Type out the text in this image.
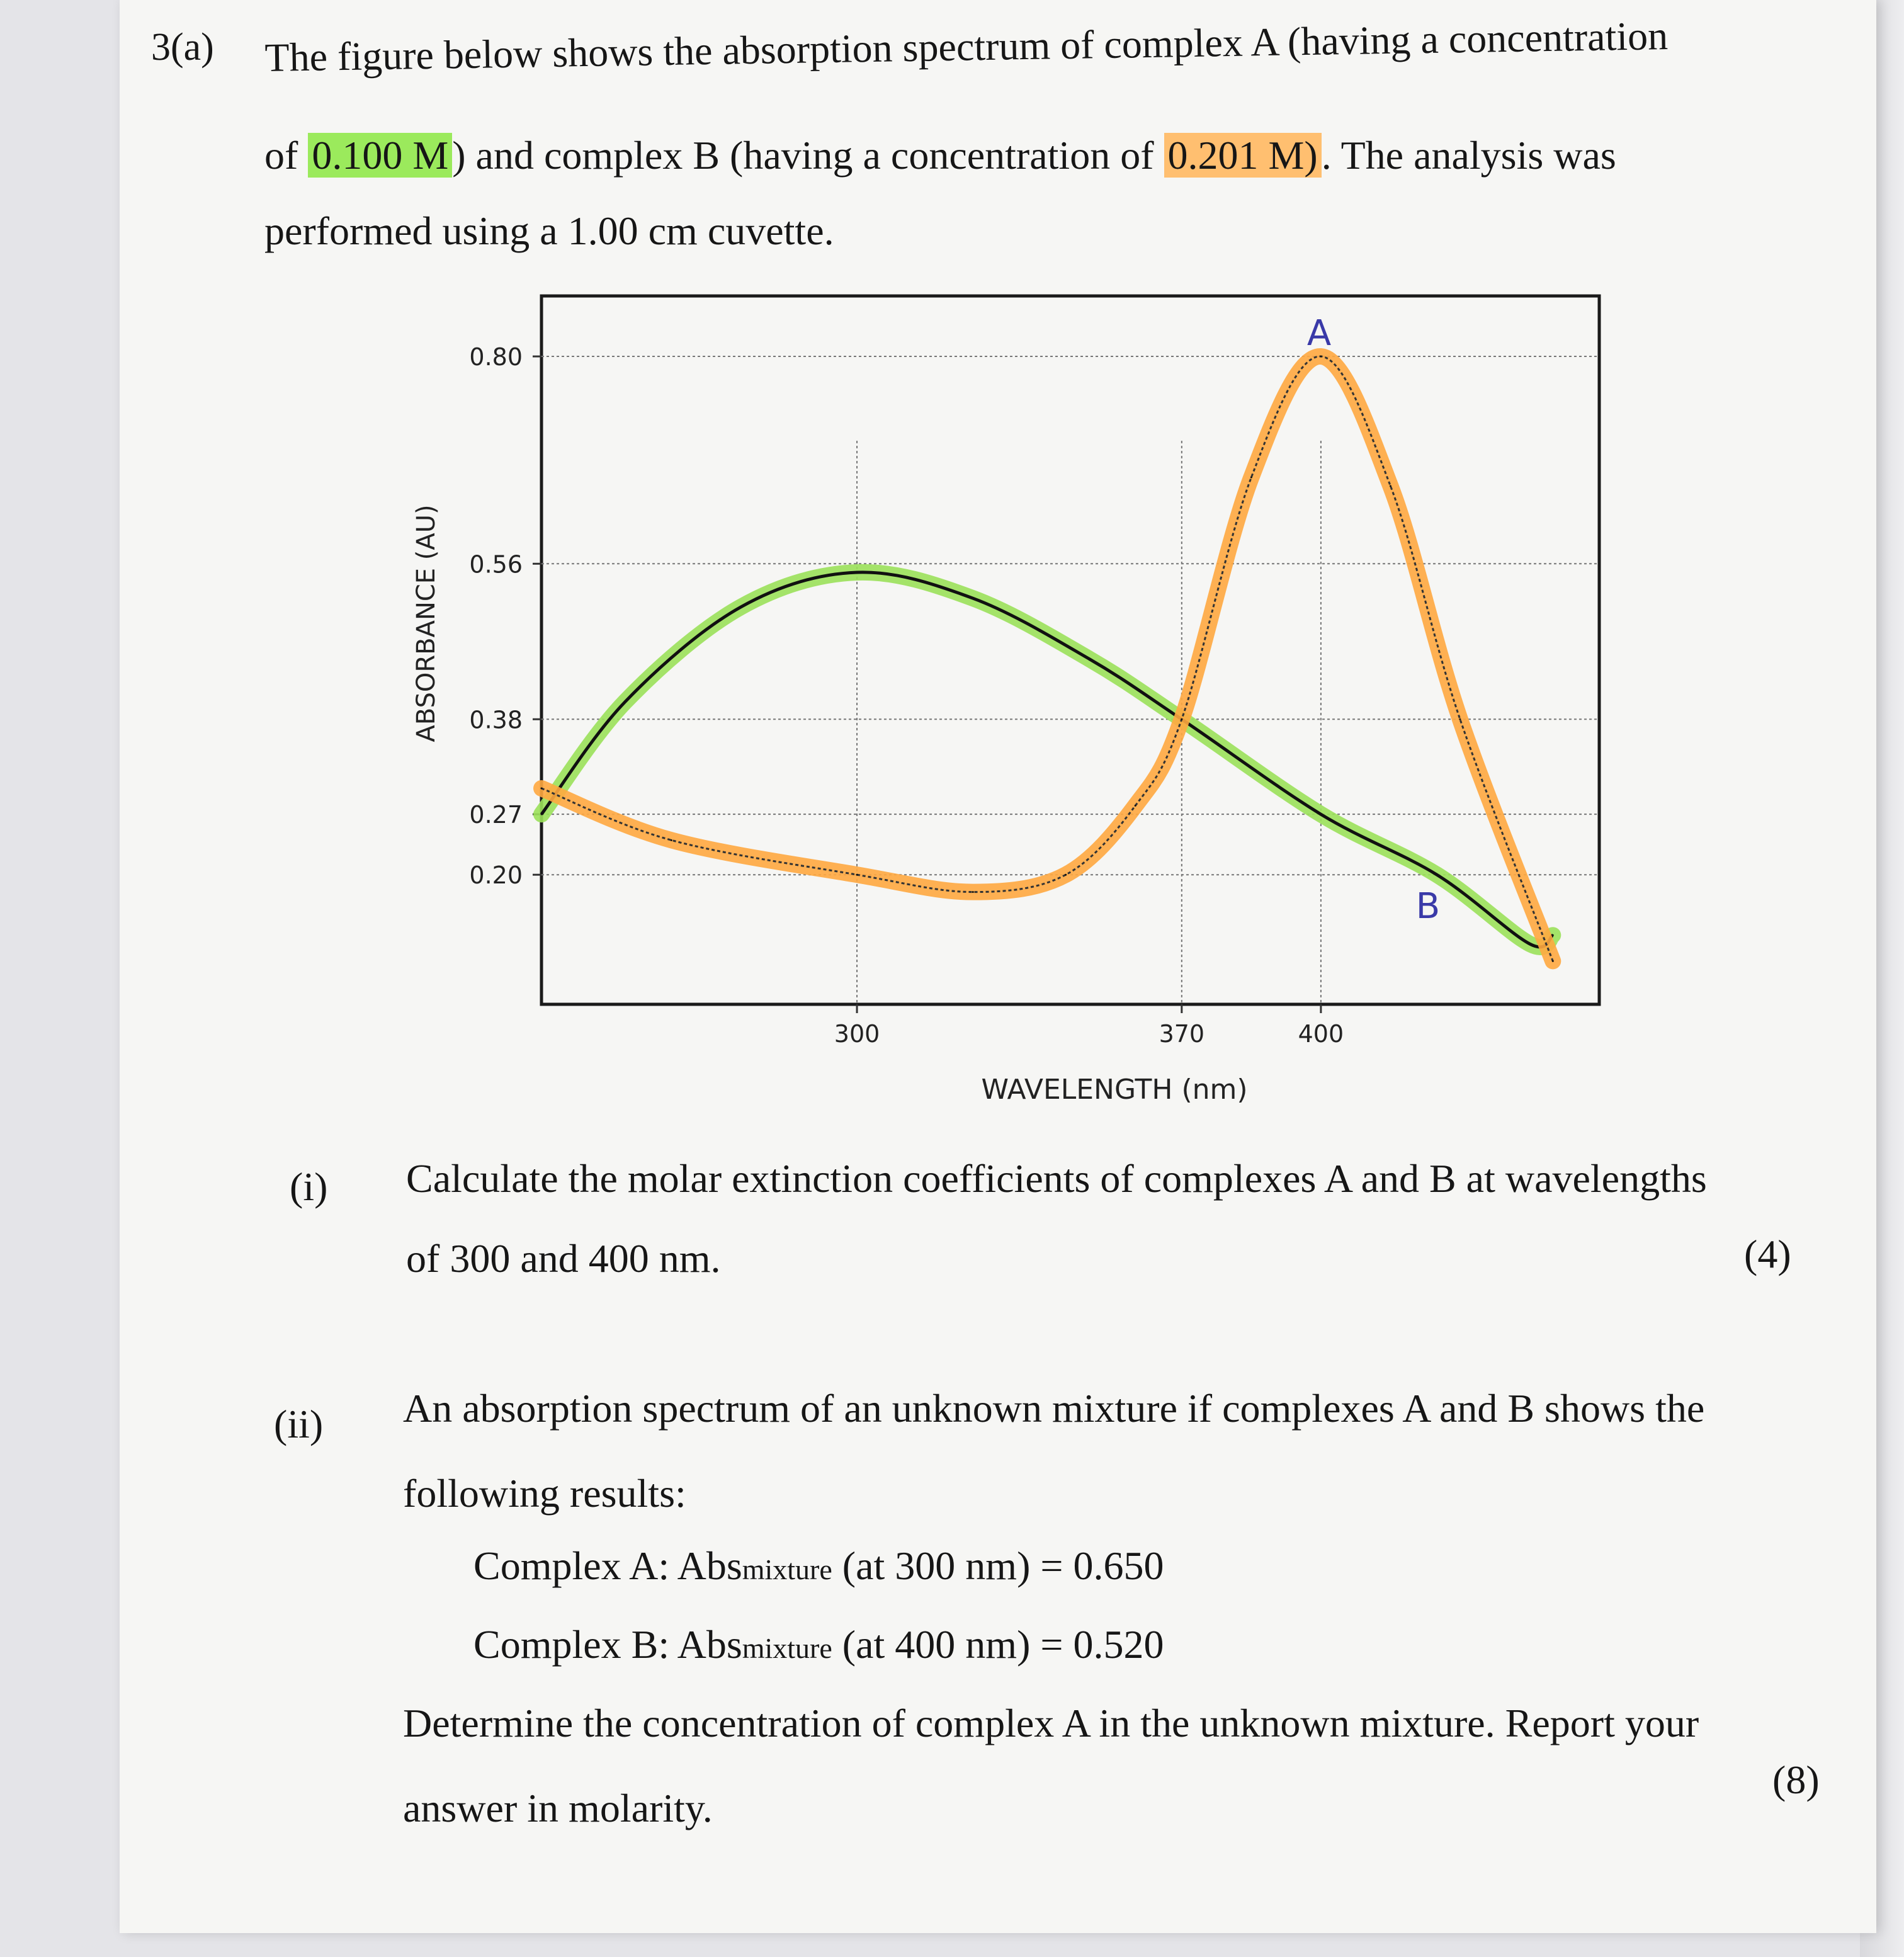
3(a) The figure below shows the absorption spectrum of complex A (having a concentration
of 0.100 M) and complex B (having a concentration of 0.201 M). The analysis was
performed using a 1.00 cm cuvette.
0.80
0.56
0.38
0.27
0.20
300	370	400
WAVELENGTH (nm)
ABSORBANCE (AU)
A
B
(i) Calculate the molar extinction coefficients of complexes A and B at wavelengths
of 300 and 400 nm.	(4)
(ii) An absorption spectrum of an unknown mixture if complexes A and B shows the
following results:
Complex A: Absmixture (at 300 nm) = 0.650
Complex B: Absmixture (at 400 nm) = 0.520
Determine the concentration of complex A in the unknown mixture. Report your
answer in molarity.
(8)
